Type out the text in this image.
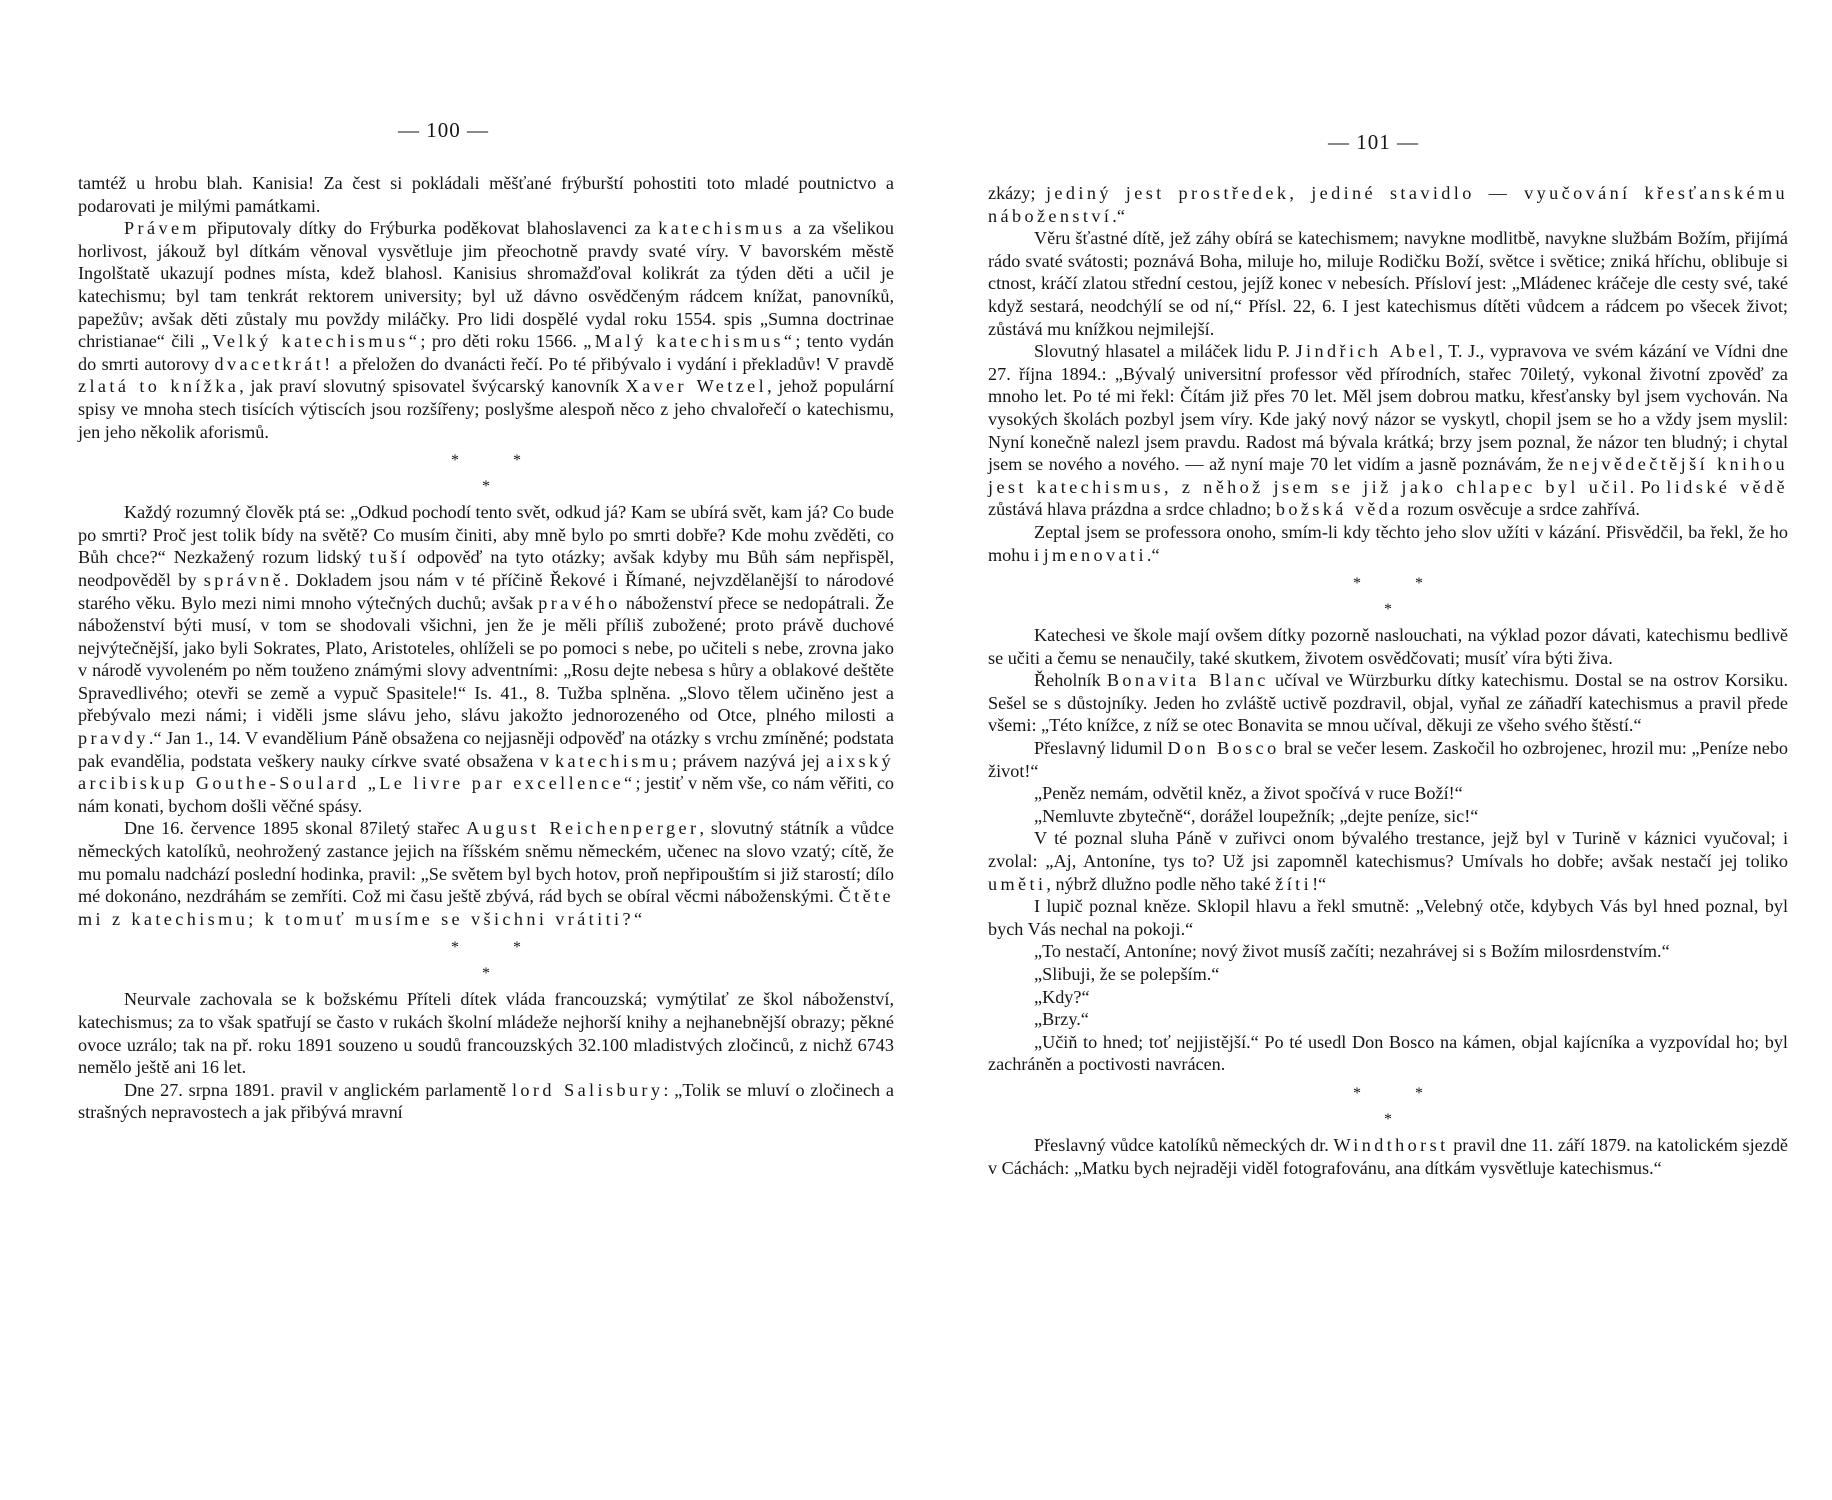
— 100 —

tamtéž u hrobu blah. Kanisia! Za čest si pokládali měšťané frýburští pohostiti toto mladé poutnictvo a podarovati je milými památkami.

Právem připutovaly dítky do Frýburka poděkovat blahoslavenci za katechismus a za všelikou horlivost, jákouž byl dítkám věnoval vysvětluje jim přeochotně pravdy svaté víry. V bavorském městě Ingolštatě ukazují podnes místa, kdež blahosl. Kanisius shromažďoval kolikrát za týden děti a učil je katechismu; byl tam tenkrát rektorem university; byl už dávno osvědčeným rádcem knížat, panovníků, papežův; avšak děti zůstaly mu povždy miláčky. Pro lidi dospělé vydal roku 1554. spis „Sumna doctrinae christianae“ čili „Velký katechismus“; pro děti roku 1566. „Malý katechismus“; tento vydán do smrti autorovy dvacetkrát! a přeložen do dvanácti řečí. Po té přibývalo i vydání i překladův! V pravdě zlatá to knížka, jak praví slovutný spisovatel švýcarský kanovník Xaver Wetzel, jehož populární spisy ve mnoha stech tisících výtiscích jsou rozšířeny; poslyšme alespoň něco z jeho chvalořečí o katechismu, jen jeho několik aforismů.

* *
*

Každý rozumný člověk ptá se: „Odkud pochodí tento svět, odkud já? Kam se ubírá svět, kam já? Co bude po smrti? Proč jest tolik bídy na světě? Co musím činiti, aby mně bylo po smrti dobře? Kde mohu zvěděti, co Bůh chce?“ Nezkažený rozum lidský tuší odpověď na tyto otázky; avšak kdyby mu Bůh sám nepřispěl, neodpověděl by správně. Dokladem jsou nám v té příčině Řekové i Římané, nejvzdělanější to národové starého věku. Bylo mezi nimi mnoho výtečných duchů; avšak pravého náboženství přece se nedopátrali. Že náboženství býti musí, v tom se shodovali všichni, jen že je měli příliš zubožené; proto právě duchové nejvýtečnější, jako byli Sokrates, Plato, Aristoteles, ohlíželi se po pomoci s nebe, po učiteli s nebe, zrovna jako v národě vyvoleném po něm touženo známými slovy adventními: „Rosu dejte nebesa s hůry a oblakové deštěte Spravedlivého; otevři se země a vypuč Spasitele!“ Is. 41., 8. Tužba splněna. „Slovo tělem učiněno jest a přebývalo mezi námi; i viděli jsme slávu jeho, slávu jakožto jednorozeného od Otce, plného milosti a pravdy.“ Jan 1., 14. V evandělium Páně obsažena co nejjasněji odpověď na otázky s vrchu zmíněné; podstata pak evandělia, podstata veškery nauky církve svaté obsažena v katechismu; právem nazývá jej aixský arcibiskup Gouthe-Soulard „Le livre par excellence“; jestiť v něm vše, co nám věřiti, co nám konati, bychom došli věčné spásy.

Dne 16. července 1895 skonal 87iletý stařec August Reichenperger, slovutný státník a vůdce německých katolíků, neohrožený zastance jejich na říšském sněmu německém, učenec na slovo vzatý; cítě, že mu pomalu nadchází poslední hodinka, pravil: „Se světem byl bych hotov, proň nepřipouštím si již starostí; dílo mé dokonáno, nezdráhám se zemříti. Což mi času ještě zbývá, rád bych se obíral věcmi náboženskými. Čtěte mi z katechismu; k tomuť musíme se všichni vrátiti?“

* *
*

Neurvale zachovala se k božskému Příteli dítek vláda francouzská; vymýtilať ze škol náboženství, katechismus; za to však spatřují se často v rukách školní mládeže nejhorší knihy a nejhanebnější obrazy; pěkné ovoce uzrálo; tak na př. roku 1891 souzeno u soudů francouzských 32.100 mladistvých zločinců, z nichž 6743 nemělo ještě ani 16 let.

Dne 27. srpna 1891. pravil v anglickém parlamentě lord Salisbury: „Tolik se mluví o zločinech a strašných nepravostech a jak přibývá mravní

— 101 —

zkázy; jediný jest prostředek, jediné stavidlo — vyučování křesťanskému náboženství.“

Věru šťastné dítě, jež záhy obírá se katechismem; navykne modlitbě, navykne službám Božím, přijímá rádo svaté svátosti; poznává Boha, miluje ho, miluje Rodičku Boží, světce i světice; zniká hříchu, oblibuje si ctnost, kráčí zlatou střední cestou, jejíž konec v nebesích. Přísloví jest: „Mládenec kráčeje dle cesty své, také když sestará, neodchýlí se od ní,“ Přísl. 22, 6. I jest katechismus dítěti vůdcem a rádcem po všecek život; zůstává mu knížkou nejmilejší.

Slovutný hlasatel a miláček lidu P. Jindřich Abel, T. J., vypravova ve svém kázání ve Vídni dne 27. října 1894.: „Bývalý universitní professor věd přírodních, stařec 70iletý, vykonal životní zpověď za mnoho let. Po té mi řekl: Čítám již přes 70 let. Měl jsem dobrou matku, křesťansky byl jsem vychován. Na vysokých školách pozbyl jsem víry. Kde jaký nový názor se vyskytl, chopil jsem se ho a vždy jsem myslil: Nyní konečně nalezl jsem pravdu. Radost má bývala krátká; brzy jsem poznal, že názor ten bludný; i chytal jsem se nového a nového. — až nyní maje 70 let vidím a jasně poznávám, že nejvědečtější knihou jest katechismus, z něhož jsem se již jako chlapec byl učil. Po lidské vědě zůstává hlava prázdna a srdce chladno; božská věda rozum osvěcuje a srdce zahřívá.

Zeptal jsem se professora onoho, smím-li kdy těchto jeho slov užíti v kázání. Přisvědčil, ba řekl, že ho mohu i jmenovati.“

* *
*

Katechesi ve škole mají ovšem dítky pozorně naslouchati, na výklad pozor dávati, katechismu bedlivě se učiti a čemu se nenaučily, také skutkem, životem osvědčovati; musíť víra býti živa.

Řeholník Bonavita Blanc učíval ve Würzburku dítky katechismu. Dostal se na ostrov Korsiku. Sešel se s důstojníky. Jeden ho zvláště uctivě pozdravil, objal, vyňal ze záňadří katechismus a pravil přede všemi: „Této knížce, z níž se otec Bonavita se mnou učíval, děkuji ze všeho svého štěstí.“

Přeslavný lidumil Don Bosco bral se večer lesem. Zaskočil ho ozbrojenec, hrozil mu: „Peníze nebo život!“

„Peněz nemám, odvětil kněz, a život spočívá v ruce Boží!“

„Nemluvte zbytečně“, dorážel loupežník; „dejte peníze, sic!“

V té poznal sluha Páně v zuřivci onom bývalého trestance, jejž byl v Turině v káznici vyučoval; i zvolal: „Aj, Antoníne, tys to? Už jsi zapomněl katechismus? Umívals ho dobře; avšak nestačí jej toliko uměti, nýbrž dlužno podle něho také žíti!“

I lupič poznal kněze. Sklopil hlavu a řekl smutně: „Velebný otče, kdybych Vás byl hned poznal, byl bych Vás nechal na pokoji.“

„To nestačí, Antoníne; nový život musíš začíti; nezahrávej si s Božím milosrdenstvím.“

„Slibuji, že se polepším.“

„Kdy?“

„Brzy.“

„Učiň to hned; toť nejjistější.“ Po té usedl Don Bosco na kámen, objal kajícníka a vyzpovídal ho; byl zachráněn a poctivosti navrácen.

* *
*

Přeslavný vůdce katolíků německých dr. Windthorst pravil dne 11. září 1879. na katolickém sjezdě v Cáchách: „Matku bych nejraději viděl fotografovánu, ana dítkám vysvětluje katechismus.“
